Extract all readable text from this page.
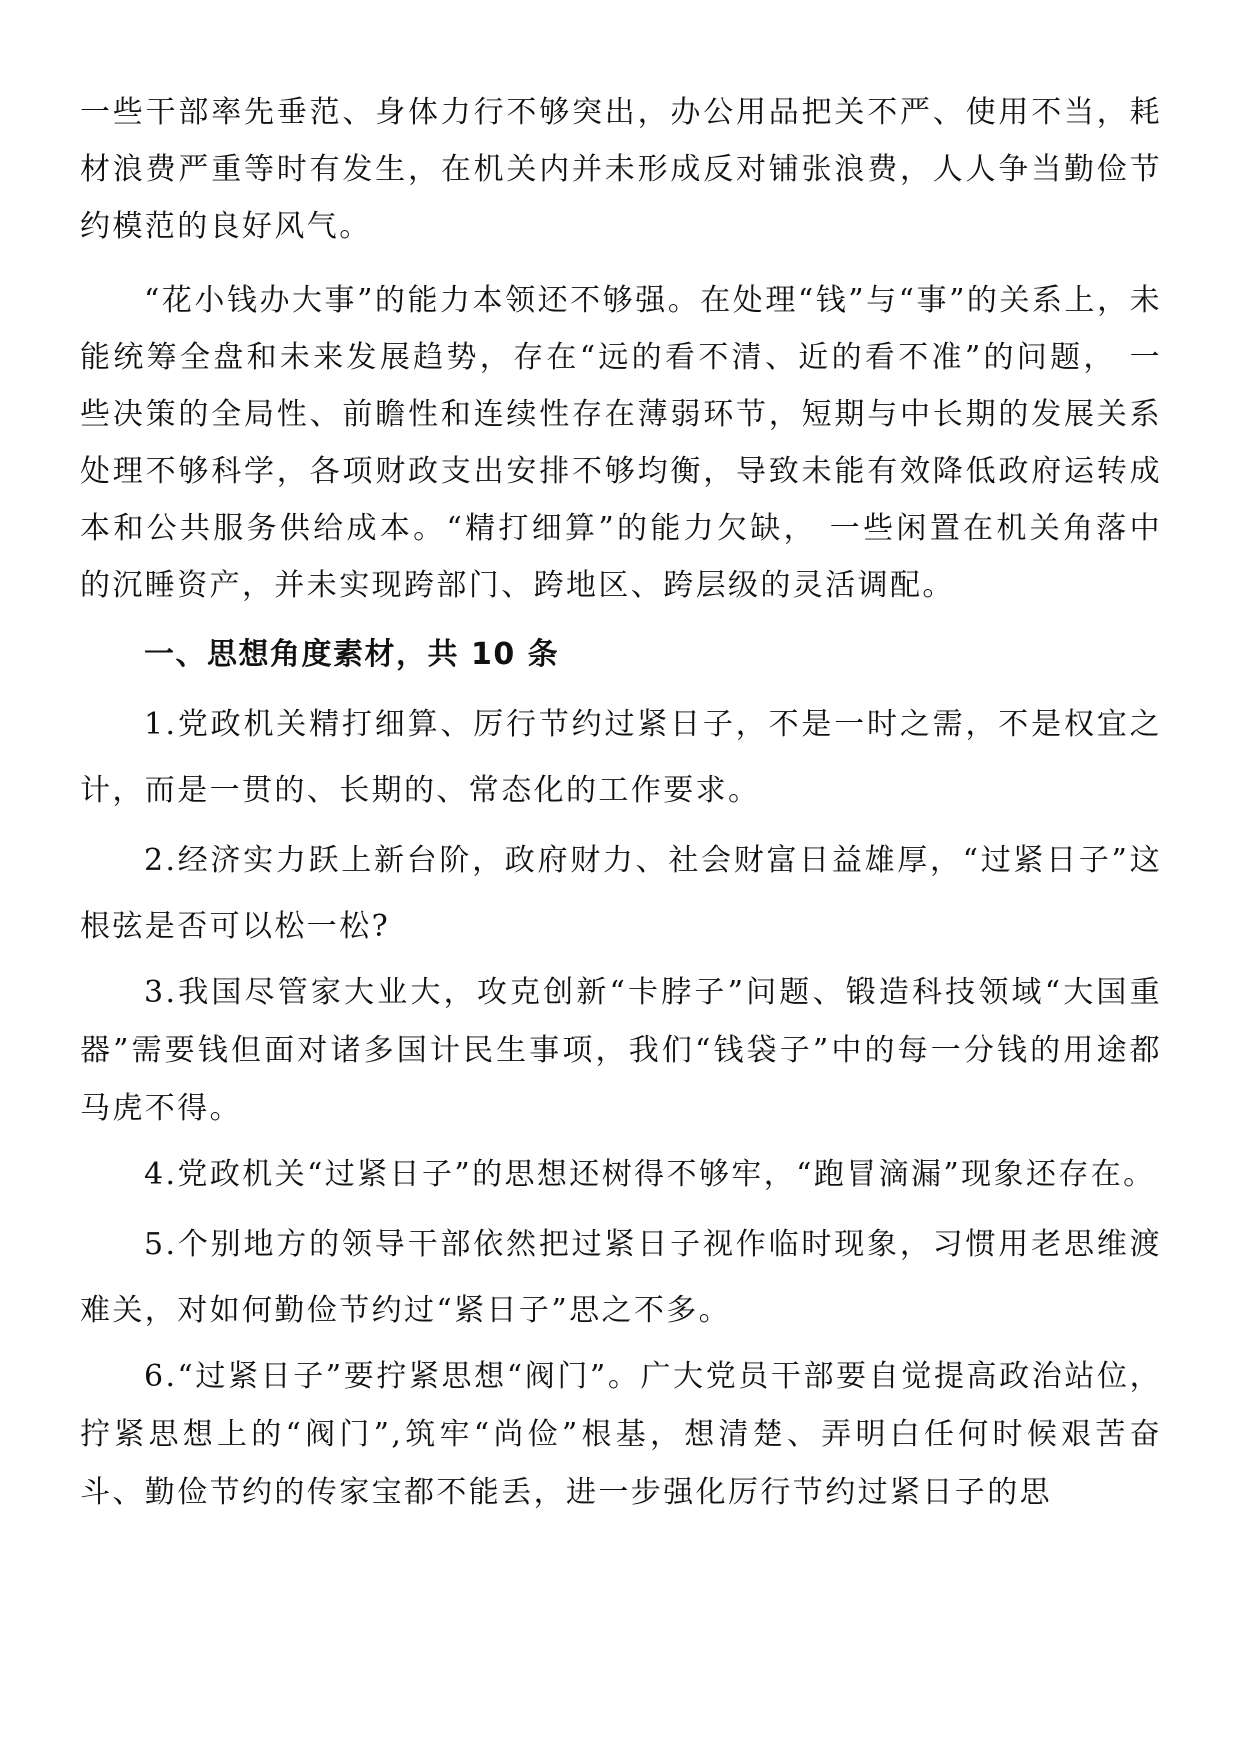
一些干部率先垂范、身体力行不够突出，办公用品把关不严、使用不当，耗材浪费严重等时有发生，在机关内并未形成反对铺张浪费，人人争当勤俭节约模范的良好风气。

“花小钱办大事”的能力本领还不够强。在处理“钱”与“事”的关系上，未能统筹全盘和未来发展趋势，存在“远的看不清、近的看不准”的问题， 一些决策的全局性、前瞻性和连续性存在薄弱环节，短期与中长期的发展关系处理不够科学，各项财政支出安排不够均衡，导致未能有效降低政府运转成本和公共服务供给成本。“精打细算”的能力欠缺， 一些闲置在机关角落中的沉睡资产，并未实现跨部门、跨地区、跨层级的灵活调配。

一、思想角度素材，共 10 条

1.党政机关精打细算、厉行节约过紧日子，不是一时之需，不是权宜之计，而是一贯的、长期的、常态化的工作要求。

2.经济实力跃上新台阶，政府财力、社会财富日益雄厚，“过紧日子”这根弦是否可以松一松?

3.我国尽管家大业大，攻克创新“卡脖子”问题、锻造科技领域“大国重器”需要钱但面对诸多国计民生事项，我们“钱袋子”中的每一分钱的用途都马虎不得。

4.党政机关“过紧日子”的思想还树得不够牢，“跑冒滴漏”现象还存在。

5.个别地方的领导干部依然把过紧日子视作临时现象，习惯用老思维渡难关，对如何勤俭节约过“紧日子”思之不多。

6.“过紧日子”要拧紧思想“阀门”。广大党员干部要自觉提高政治站位，拧紧思想上的“阀门”,筑牢“尚俭”根基，想清楚、弄明白任何时候艰苦奋斗、勤俭节约的传家宝都不能丢，进一步强化厉行节约过紧日子的思
